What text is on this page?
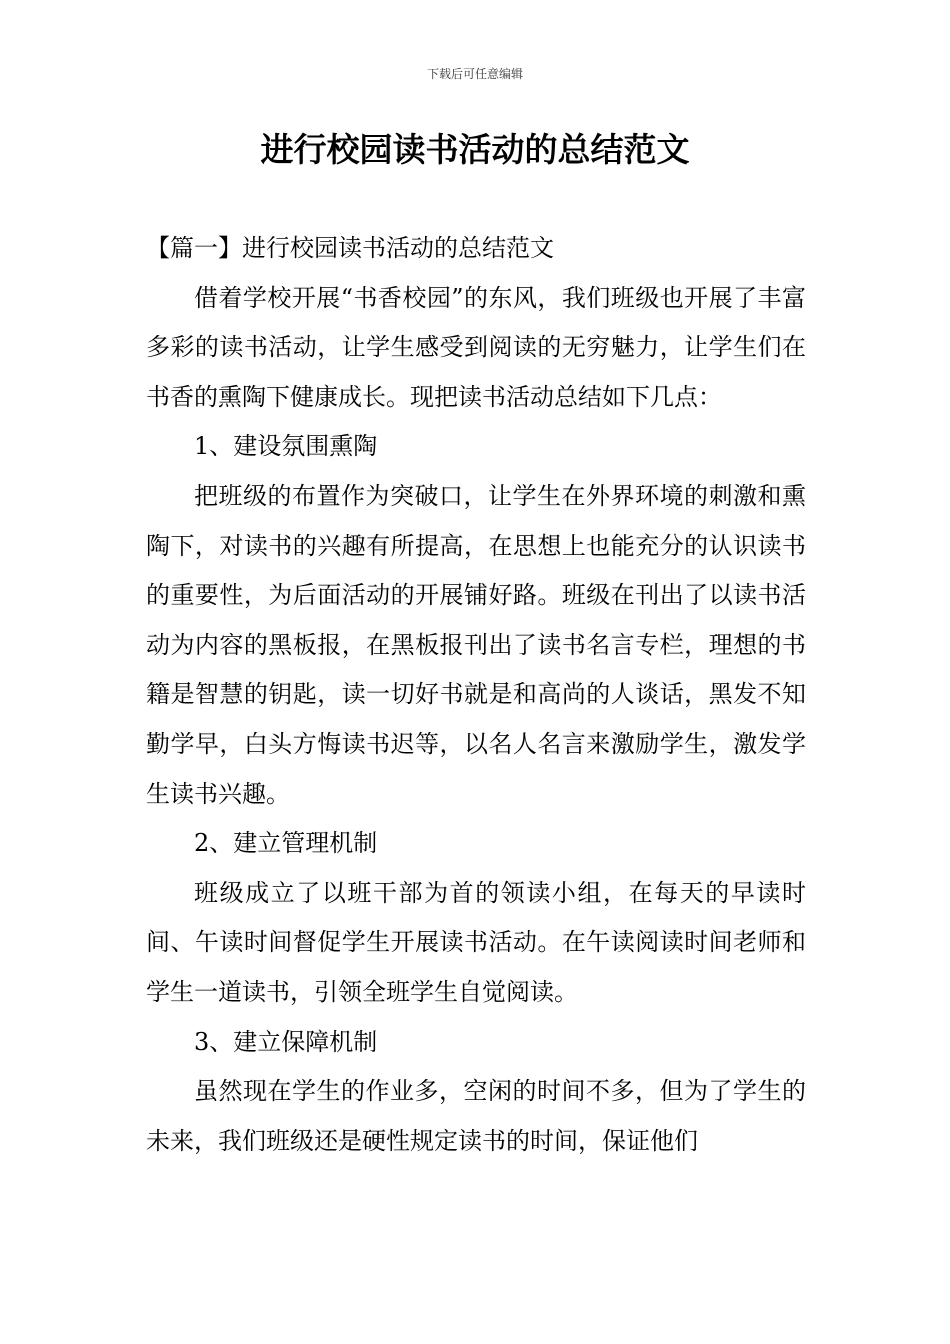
下载后可任意编辑
进行校园读书活动的总结范文

【篇一】进行校园读书活动的总结范文

借着学校开展“书香校园”的东风，我们班级也开展了丰富多彩的读书活动，让学生感受到阅读的无穷魅力，让学生们在书香的熏陶下健康成长。现把读书活动总结如下几点：

1、建设氛围熏陶

把班级的布置作为突破口，让学生在外界环境的刺激和熏陶下，对读书的兴趣有所提高，在思想上也能充分的认识读书的重要性，为后面活动的开展铺好路。班级在刊出了以读书活动为内容的黑板报，在黑板报刊出了读书名言专栏，理想的书籍是智慧的钥匙，读一切好书就是和高尚的人谈话，黑发不知勤学早，白头方悔读书迟等，以名人名言来激励学生，激发学生读书兴趣。

2、建立管理机制

班级成立了以班干部为首的领读小组，在每天的早读时间、午读时间督促学生开展读书活动。在午读阅读时间老师和学生一道读书，引领全班学生自觉阅读。

3、建立保障机制

虽然现在学生的作业多，空闲的时间不多，但为了学生的未来，我们班级还是硬性规定读书的时间，保证他们
